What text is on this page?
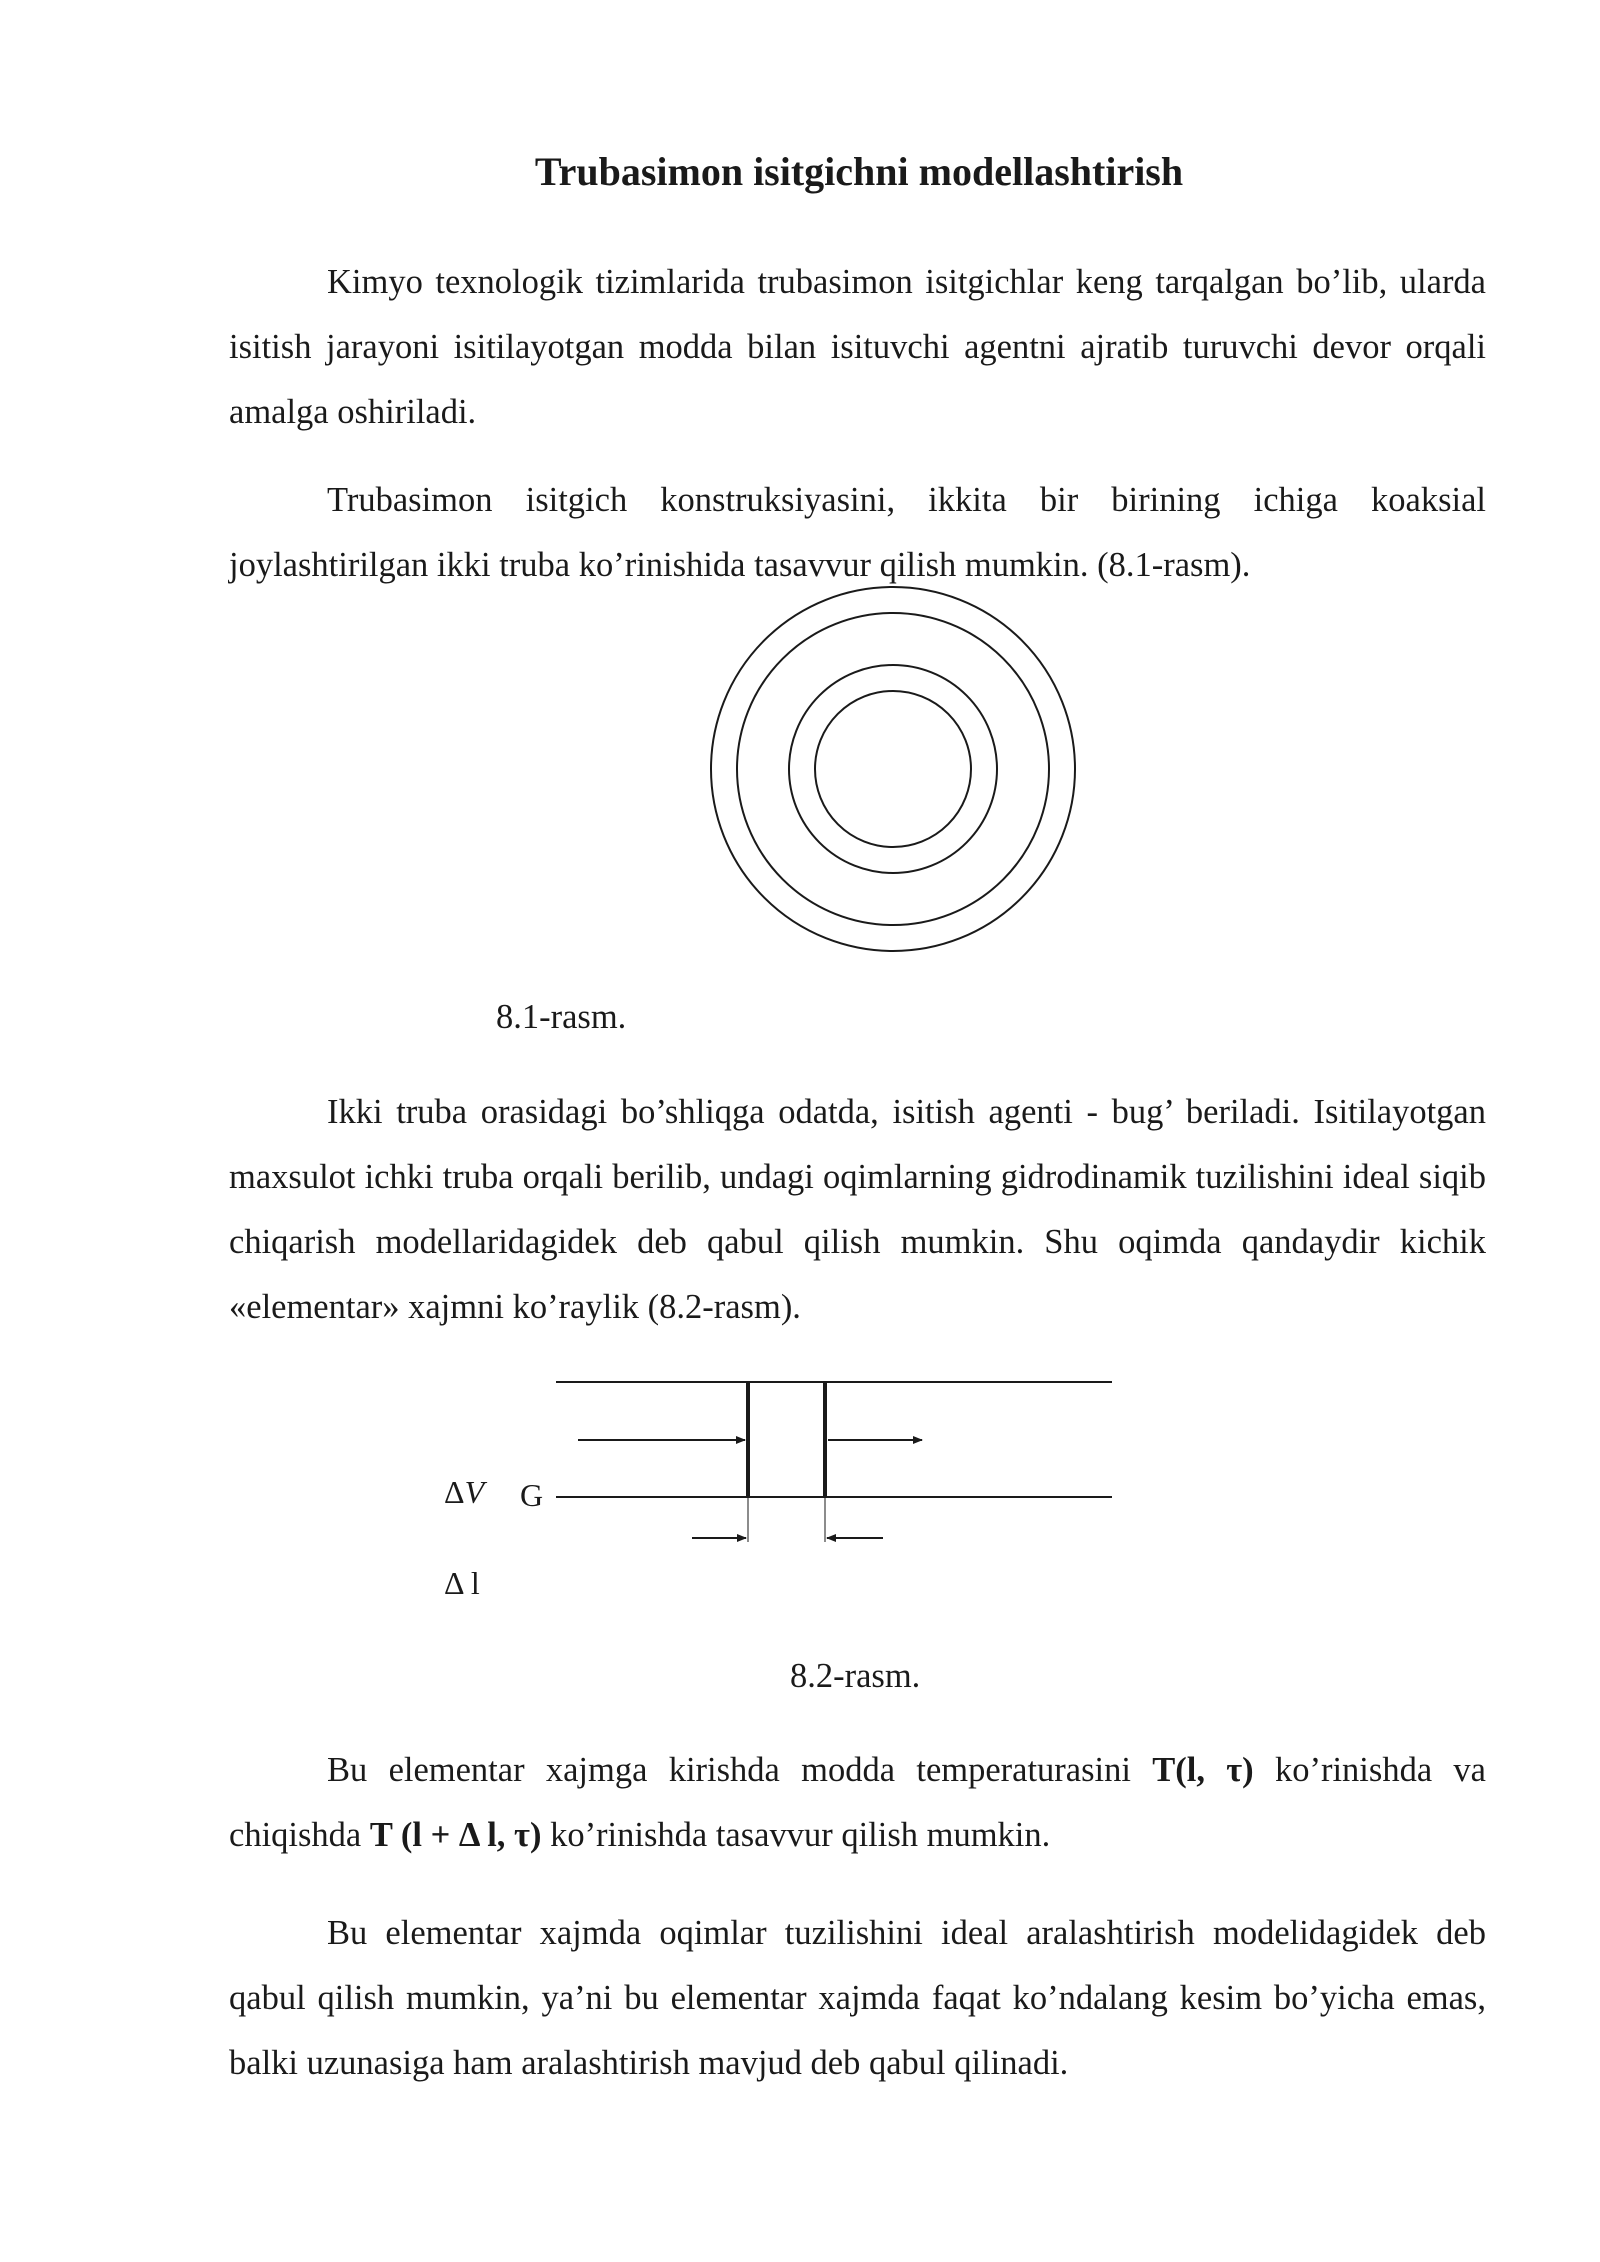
Trubasimon isitgichni modellashtirish

Kimyo texnologik tizimlarida trubasimon isitgichlar keng tarqalgan bo’lib, ularda isitish jarayoni isitilayotgan modda bilan isituvchi agentni ajratib turuvchi devor orqali amalga oshiriladi.

Trubasimon isitgich konstruksiyasini, ikkita bir birining ichiga koaksial joylashtirilgan ikki truba ko’rinishida tasavvur qilish mumkin. (8.1-rasm).

8.1-rasm.

Ikki truba orasidagi bo’shliqga odatda, isitish agenti - bug’ beriladi. Isitilayotgan maxsulot ichki truba orqali berilib, undagi oqimlarning gidrodinamik tuzilishini ideal siqib chiqarish modellaridagidek deb qabul qilish mumkin. Shu oqimda qandaydir kichik «elementar» xajmni ko’raylik (8.2-rasm).

ΔV G
Δ l
8.2-rasm.

Bu elementar xajmga kirishda modda temperaturasini T(l, τ) ko’rinishda va chiqishda T (l + Δ l, τ) ko’rinishda tasavvur qilish mumkin.

Bu elementar xajmda oqimlar tuzilishini ideal aralashtirish modelidagidek deb qabul qilish mumkin, ya’ni bu elementar xajmda faqat ko’ndalang kesim bo’yicha emas, balki uzunasiga ham aralashtirish mavjud deb qabul qilinadi.
